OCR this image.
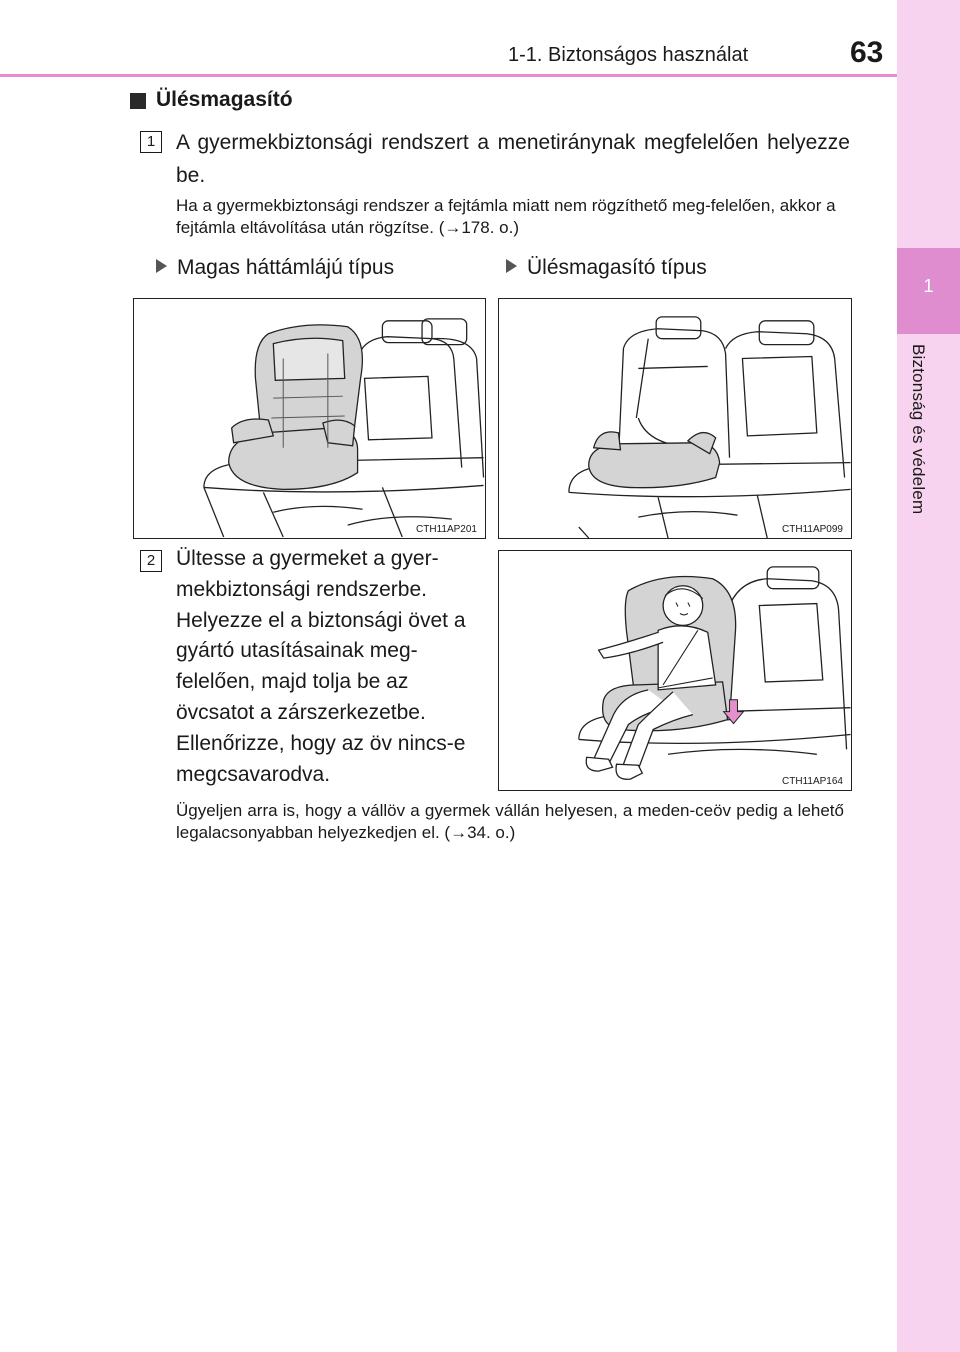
1-1. Biztonságos használat	63
1
Biztonság és védelem
Ülésmagasító
1 A gyermekbiztonsági rendszert a menetiránynak megfelelően helyezze be.
Ha a gyermekbiztonsági rendszer a fejtámla miatt nem rögzíthető meg-felelően, akkor a fejtámla eltávolítása után rögzítse. (→178. o.)
Magas háttámlájú típus	Ülésmagasító típus
CTH11AP201	CTH11AP099
2 Ültesse a gyermeket a gyer-mekbiztonsági rendszerbe. Helyezze el a biztonsági övet a gyártó utasításainak meg-felelően, majd tolja be az övcsatot a zárszerkezetbe. Ellenőrizze, hogy az öv nincs-e megcsavarodva.	CTH11AP164
Ügyeljen arra is, hogy a vállöv a gyermek vállán helyesen, a meden-ceöv pedig a lehető legalacsonyabban helyezkedjen el. (→34. o.)
